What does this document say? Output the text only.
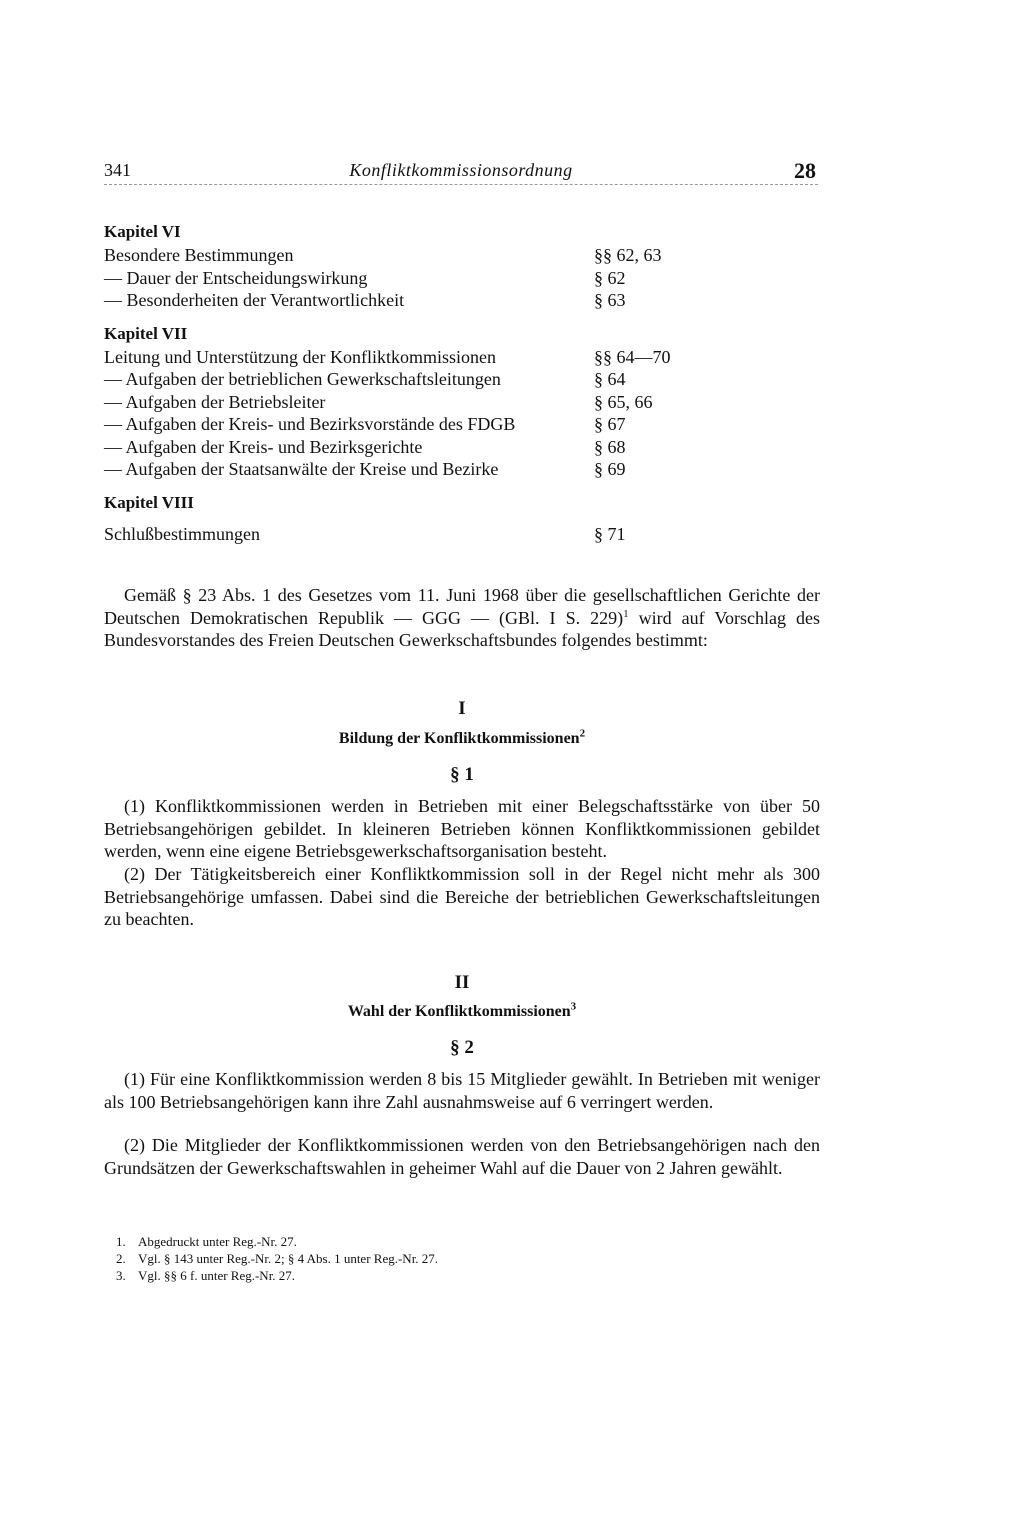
341	Konfliktkommissionsordnung	28
Kapitel VI
Besondere Bestimmungen	§§ 62, 63
— Dauer der Entscheidungswirkung	§ 62
— Besonderheiten der Verantwortlichkeit	§ 63
Kapitel VII
Leitung und Unterstützung der Konfliktkommissionen	§§ 64—70
— Aufgaben der betrieblichen Gewerkschaftsleitungen	§ 64
— Aufgaben der Betriebsleiter	§ 65, 66
— Aufgaben der Kreis- und Bezirksvorstände des FDGB	§ 67
— Aufgaben der Kreis- und Bezirksgerichte	§ 68
— Aufgaben der Staatsanwälte der Kreise und Bezirke	§ 69
Kapitel VIII
Schlußbestimmungen	§ 71
Gemäß § 23 Abs. 1 des Gesetzes vom 11. Juni 1968 über die gesellschaftlichen Gerichte der Deutschen Demokratischen Republik — GGG — (GBl. I S. 229)$^1$ wird auf Vorschlag des Bundesvorstandes des Freien Deutschen Gewerkschaftsbundes folgendes bestimmt:
I
Bildung der Konfliktkommissionen$^2$
§ 1
(1) Konfliktkommissionen werden in Betrieben mit einer Belegschaftsstärke von über 50 Betriebsangehörigen gebildet. In kleineren Betrieben können Konfliktkommissionen gebildet werden, wenn eine eigene Betriebsgewerkschaftsorganisation besteht.
(2) Der Tätigkeitsbereich einer Konfliktkommission soll in der Regel nicht mehr als 300 Betriebsangehörige umfassen. Dabei sind die Bereiche der betrieblichen Gewerkschaftsleitungen zu beachten.
II
Wahl der Konfliktkommissionen$^3$
§ 2
(1) Für eine Konfliktkommission werden 8 bis 15 Mitglieder gewählt. In Betrieben mit weniger als 100 Betriebsangehörigen kann ihre Zahl ausnahmsweise auf 6 verringert werden.
(2) Die Mitglieder der Konfliktkommissionen werden von den Betriebsangehörigen nach den Grundsätzen der Gewerkschaftswahlen in geheimer Wahl auf die Dauer von 2 Jahren gewählt.
1. Abgedruckt unter Reg.-Nr. 27.
2. Vgl. § 143 unter Reg.-Nr. 2; § 4 Abs. 1 unter Reg.-Nr. 27.
3. Vgl. §§ 6 f. unter Reg.-Nr. 27.
